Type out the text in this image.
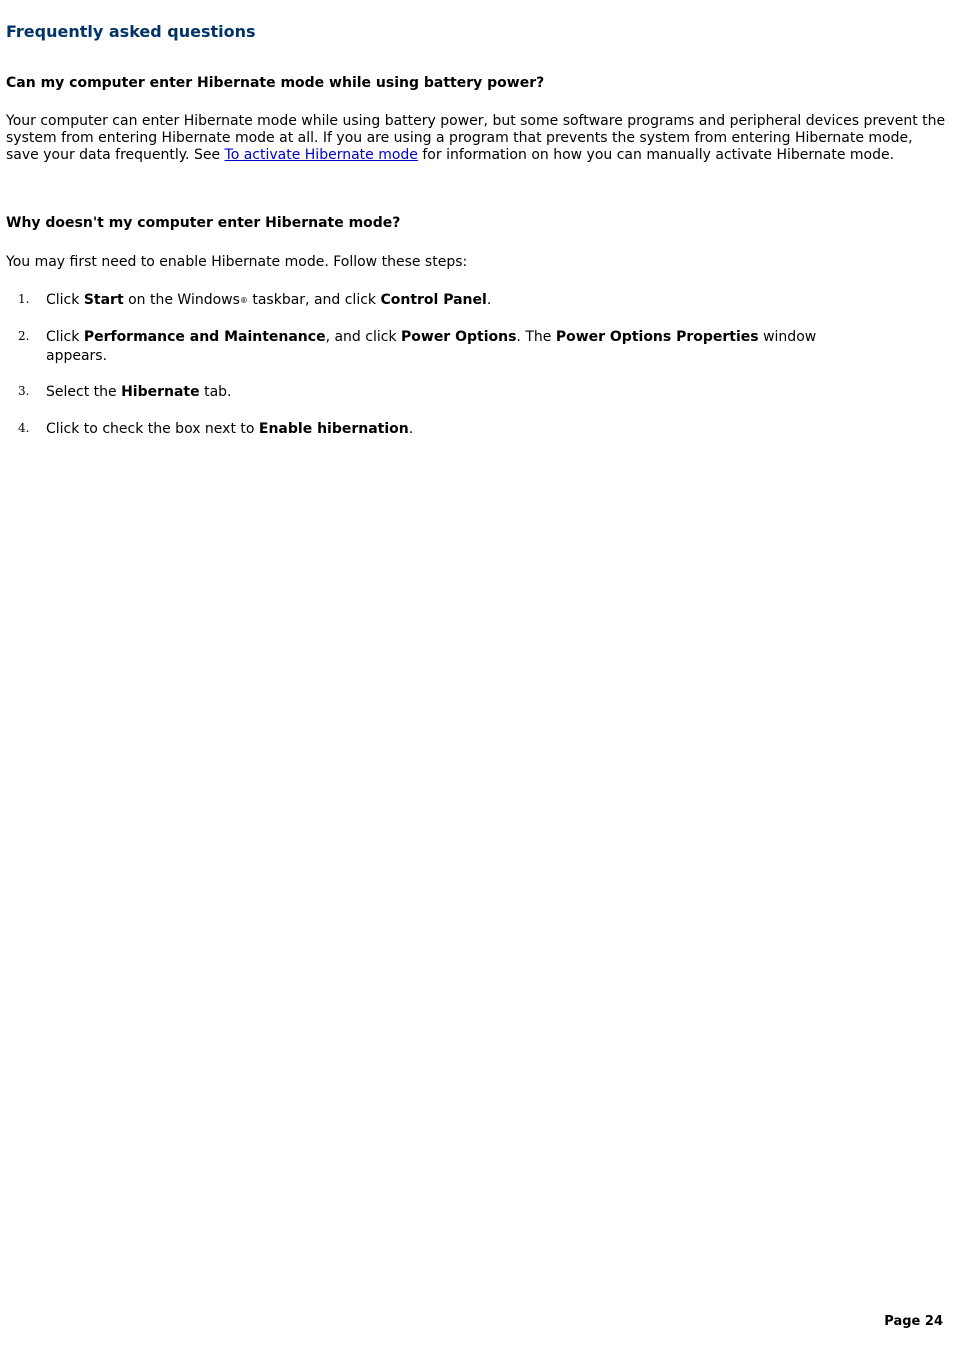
Frequently asked questions
Can my computer enter Hibernate mode while using battery power?

Your computer can enter Hibernate mode while using battery power, but some software programs and peripheral devices prevent the system from entering Hibernate mode at all. If you are using a program that prevents the system from entering Hibernate mode, save your data frequently. See To activate Hibernate mode for information on how you can manually activate Hibernate mode.

Why doesn't my computer enter Hibernate mode?

You may first need to enable Hibernate mode. Follow these steps:

1. Click Start on the Windows® taskbar, and click Control Panel.
2. Click Performance and Maintenance, and click Power Options. The Power Options Properties window appears.
3. Select the Hibernate tab.
4. Click to check the box next to Enable hibernation.
Page 24
